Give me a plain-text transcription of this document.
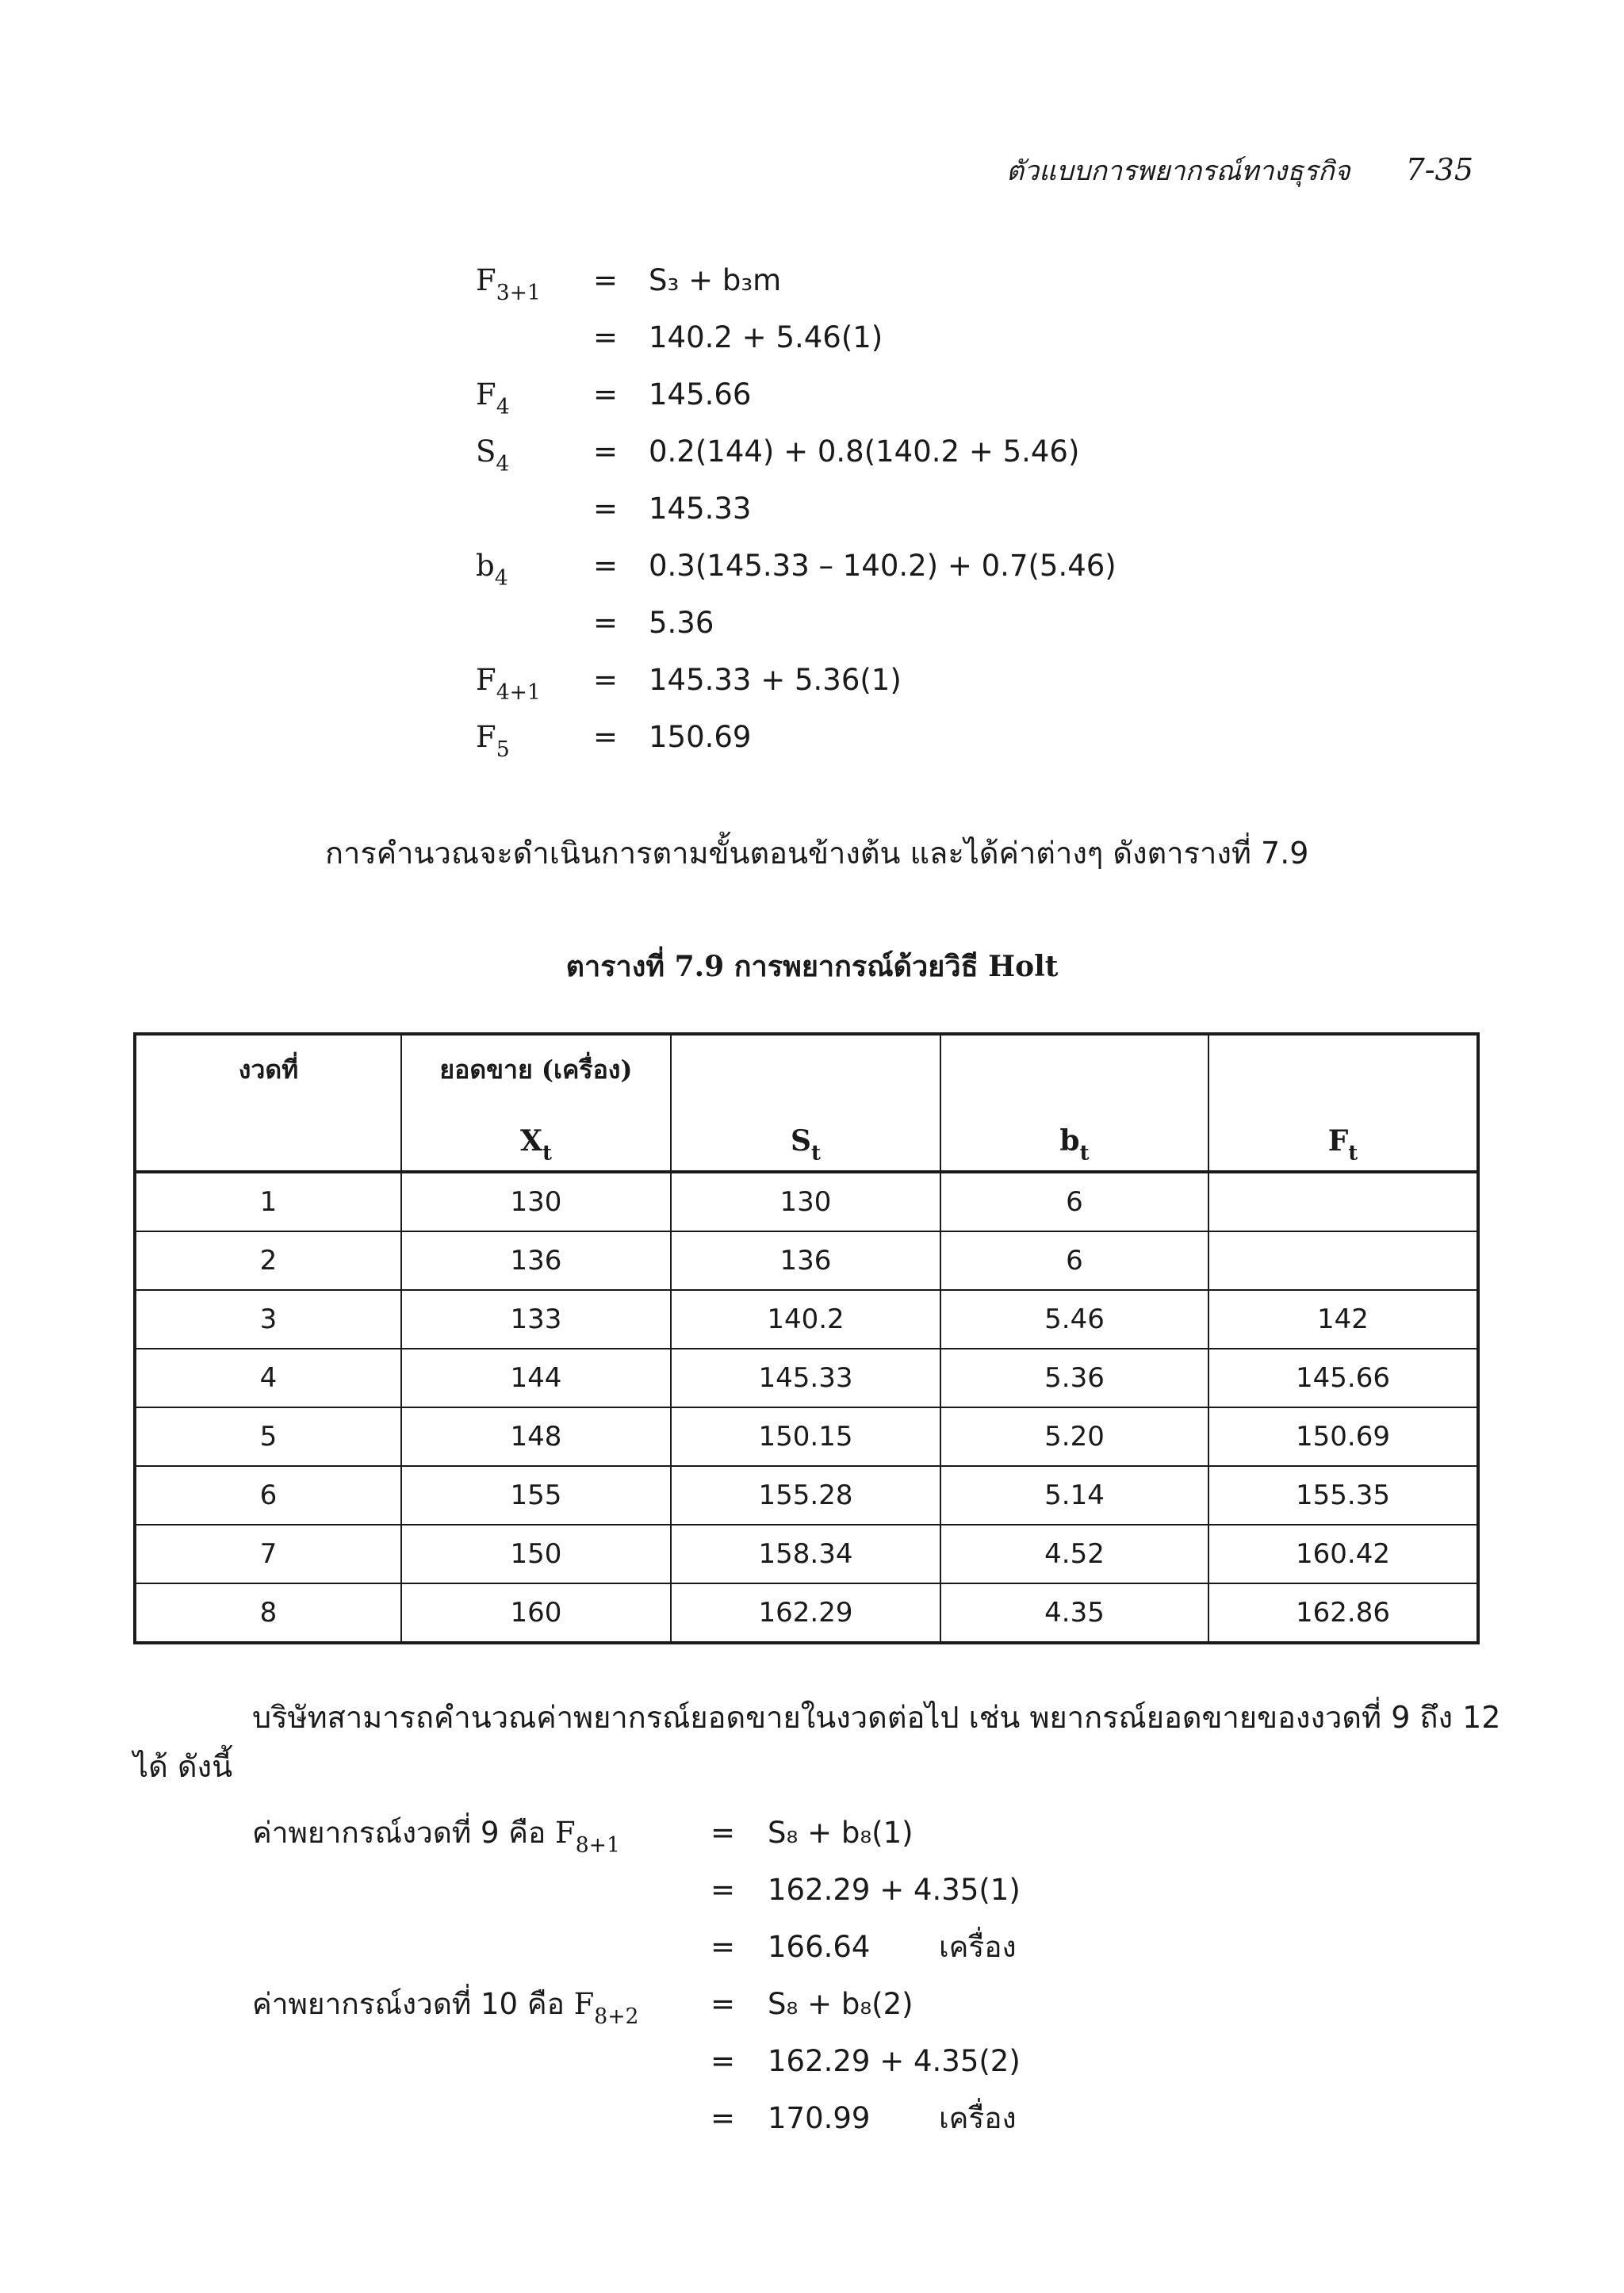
ตัวแบบการพยากรณ์ทางธุรกิจ 7-35
$F_{3+1} = S_3 + b_3m$
= 140.2 + 5.46(1)
$F_4$	= 145.66
$S_4$	= 0.2(144) + 0.8(140.2 + 5.46)
= 145.33
$b_4$	= 0.3(145.33 – 140.2) + 0.7(5.46)
= 5.36
$F_{4+1} = 145.33 + 5.36(1)$
$F_5$	= 150.69
การคำนวณจะดำเนินการตามขั้นตอนข้างต้น และได้ค่าต่างๆ ดังตารางที่ 7.9
ตารางที่ 7.9 การพยากรณ์ด้วยวิธี Holt
งวดที่	ยอดขาย (เครื่อง)
$X_t$	$S_t$	$b_t$	$F_t$

1	130	130	6	
2	136	136	6	
3	133	140.2	5.46	142
4	144	145.33	5.36	145.66
5	148	150.15	5.20	150.69
6	155	155.28	5.14	155.35
7	150	158.34	4.52	160.42
8	160	162.29	4.35	162.86
บริษัทสามารถคำนวณค่าพยากรณ์ยอดขายในงวดต่อไป เช่น พยากรณ์ยอดขายของงวดที่ 9 ถึง 12
ได้ ดังนี้
ค่าพยากรณ์งวดที่ 9 คือ $F_{8+1}$	= S₈ + b₈(1)
= 162.29 + 4.35(1)
= 166.64 เครื่อง
ค่าพยากรณ์งวดที่ 10 คือ $F_{8+2} = S_8 + b_8(2)$
= 162.29 + 4.35(2)
= 170.99 เครื่อง
